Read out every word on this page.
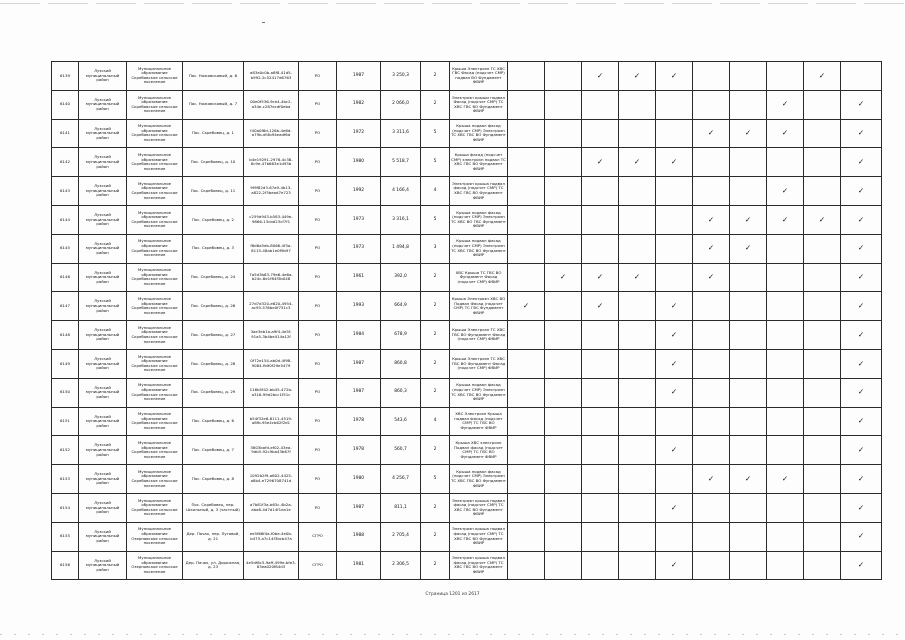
6139	Лузский муниципальный район	Муниципальное образование Скребовское сельское поселение	Пос. Ножовсковый, д. 6	a83a0c0b-a8f8-41d5-b992-2c52417d6763	РО	1987	3 250,3	2	Крыша Электроэн ТС ХВС ГВС Фасад (подсчет СМР) подвал ВО Фундамент ФВИР			✓	✓	✓				✓	
6140	Лузский муниципальный район	Муниципальное образование Скребовское сельское поселение	Пос. Ножовсковый, д. 7	00e0f536-9ce4-4bc2-a34e-c287ecdf0eba	РО	1982	2 066,0	2	Электроэн крыши подвал Фасад (подсчет СМР) ТС ХВС ГВС ВО Фундамент ФВИР								✓		✓
6141	Лузский муниципальный район	Муниципальное образование Скребовское сельское поселение	Пос. Скребовец, д. 1	f40a0f6d-126b-4e6d-a79b-df4b94eadf6d	РО	1972	3 311,6	5	Крыша подвал фасад (подсчет СМР) Электроэн ТС ХВС ГВС ВО Фундамент ФВИР						✓	✓	✓		✓
6142	Лузский муниципальный район	Муниципальное образование Скребовское сельское поселение	Пос. Скребовец, д. 10	b4e19291-2976-4c38-8c9e-47b663e1d93b	РО	1980	5 518,7	5	Крыша фасад (подсчет СМР) электроэн подвал ТС ХВС ГВС ВО Фундамент ФВИР			✓	✓	✓					✓
6143	Лузский муниципальный район	Муниципальное образование Скребовское сельское поселение	Пос. Скребовец, д. 11	9f9f82d3-67a9-4b13-a822-2f3bead7e723	РО	1992	4 166,4	4	Электроэн крыша подвал фасад (подсчет СМР) ТС ХВС ГВС ВО Фундамент ФВИР								✓		✓
6144	Лузский муниципальный район	Муниципальное образование Скребовское сельское поселение	Пос. Скребовец, д. 2	c259d943-b583-449e-9866-13cbd23cf7f1	РО	1973	3 316,1	5	Крыша подвал фасад (подсчет СМР) Электроэн ТС ХВС ВО ГВС Фундамент ФВИР						✓	✓	✓	✓	✓
6145	Лузский муниципальный район	Муниципальное образование Скребовское сельское поселение	Пос. Скребовец, д. 3	f8d6a5eb-8066-4f3a-8115-48ab1e0f9b97	РО	1973	1 494,8	3	Крыша подвал фасад (подсчет СМР) Электроэн ТС ХВС ГВС ВО Фундамент ФВИР						✓	✓			✓
6146	Лузский муниципальный район	Муниципальное образование Скребовское сельское поселение	Пос. Скребовец, д. 24	7a5d3b63-79e6-4e6a-b24c-8e1f84f3b048	РО	1961	392,0	2	ХВС Крыша ТС ГВС ВО Фундамент Фасад (подсчет СМР) ФВИР		✓	✓	✓		✓				✓
6147	Лузский муниципальный район	Муниципальное образование Скребовское сельское поселение	Пос. Скребовец, д. 26	27d7d320-e620-4954-ac95-576be0f751c3	РО	1993	664,9	2	Крыша Электроэн ХВС ВО Подвал Фасад (подсчет СМР) ТС ГВС Фундамент ФВИР	✓		✓		✓					✓
6148	Лузский муниципальный район	Муниципальное образование Скребовское сельское поселение	Пос. Скребовец, д. 27	3ae3eb1a-a9f4-4e5f-91a5-3b4be414a12f	РО	1984	678,9	2	Крыша Электроэн ТС ХВС ГВС ВО Фундамент Фасад (подсчет СМР) ФВИР					✓					✓
6149	Лузский муниципальный район	Муниципальное образование Скребовское сельское поселение	Пос. Скребовец, д. 28	0f72e154-ab0d-4f98-9084-fb90f29e5479	РО	1987	860,8	2	Крыша Электроэн ТС ХВС ГВС ВО Фундамент Фасад (подсчет СМР) ФВИР					✓					✓
6150	Лузский муниципальный район	Муниципальное образование Скребовское сельское поселение	Пос. Скребовец, д. 29	116b5f42-bb45-472b-a316-99d2bcc1f51c	РО	1987	860,3	2	Крыша подвал фасад (подсчет СМР) Электроэн ТС ХВС ГВС ВО Фундамент ФВИР					✓					✓
6151	Лузский муниципальный район	Муниципальное образование Скребовское сельское поселение	Пос. Скребовец, д. 6	b54f32e6-8111-4519-a8fb-95e4cb62f2d1	РО	1978	543,6	4	ХВС Электроэн Крыша подвал фасад (подсчет СМР) ТС ГВС ВО Фундамент ФВИР										✓
6152	Лузский муниципальный район	Муниципальное образование Скребовское сельское поселение	Пос. Скребовец, д. 7	3803bafd-ef02-43ea-9db5-92c9ba43b67f	РО	1978	560,7	2	Крыша ХВС электроэн Подвал фасад (подсчет СМР) ТС ГВС ВО Фундамент ФВИР					✓					✓
6153	Лузский муниципальный район	Муниципальное образование Скребовское сельское поселение	Пос. Скребовец, д. 8	1092b2f9-a602-4425-a8b4-e7296708741d	РО	1980	4 256,7	5	Крыша подвал фасад (подсчет СМР) Электроэн ТС ХВС ГВС ВО Фундамент ФВИР						✓	✓	✓		✓
6154	Лузский муниципальный район	Муниципальное образование Скребовское сельское поселение	Пос. Скребовец, пер. Школьный, д. 3 (частный)	a7b81f3a-b63c-4b2a-aba8-4d7d14f1ea1e	РО	1987	811,1	2	Электроэн крыша подвал фасад (подсчет СМР) ТС ХВС ГВС ВО Фундамент ФВИР					✓					✓
6155	Лузский муниципальный район	Муниципальное образование Озерновское сельское поселение	Дер. Пачах, пер. Луговой, д. 21	ee5f66f4a-f0be-4e0b-b475-a7c14f3bcb47a	СГРО	1988	2 705,4	2	Электроэн крыша подвал фасад (подсчет СМР) ТС ХВС ГВС ВО Фундамент ФВИР										✓
6156	Лузский муниципальный район	Муниципальное образование Озерновское сельское поселение	Дер. Пачах, ул. Дорожная, д. 23	4e5df6c5-9aff-499e-bfe3-83ea020f84d3	СГРО	1981	2 306,5	2	Электроэн крыша подвал фасад (подсчет СМР) ТС ХВС ГВС ВО Фундамент ФВИР					✓					✓
Страница 1201 из 2617
